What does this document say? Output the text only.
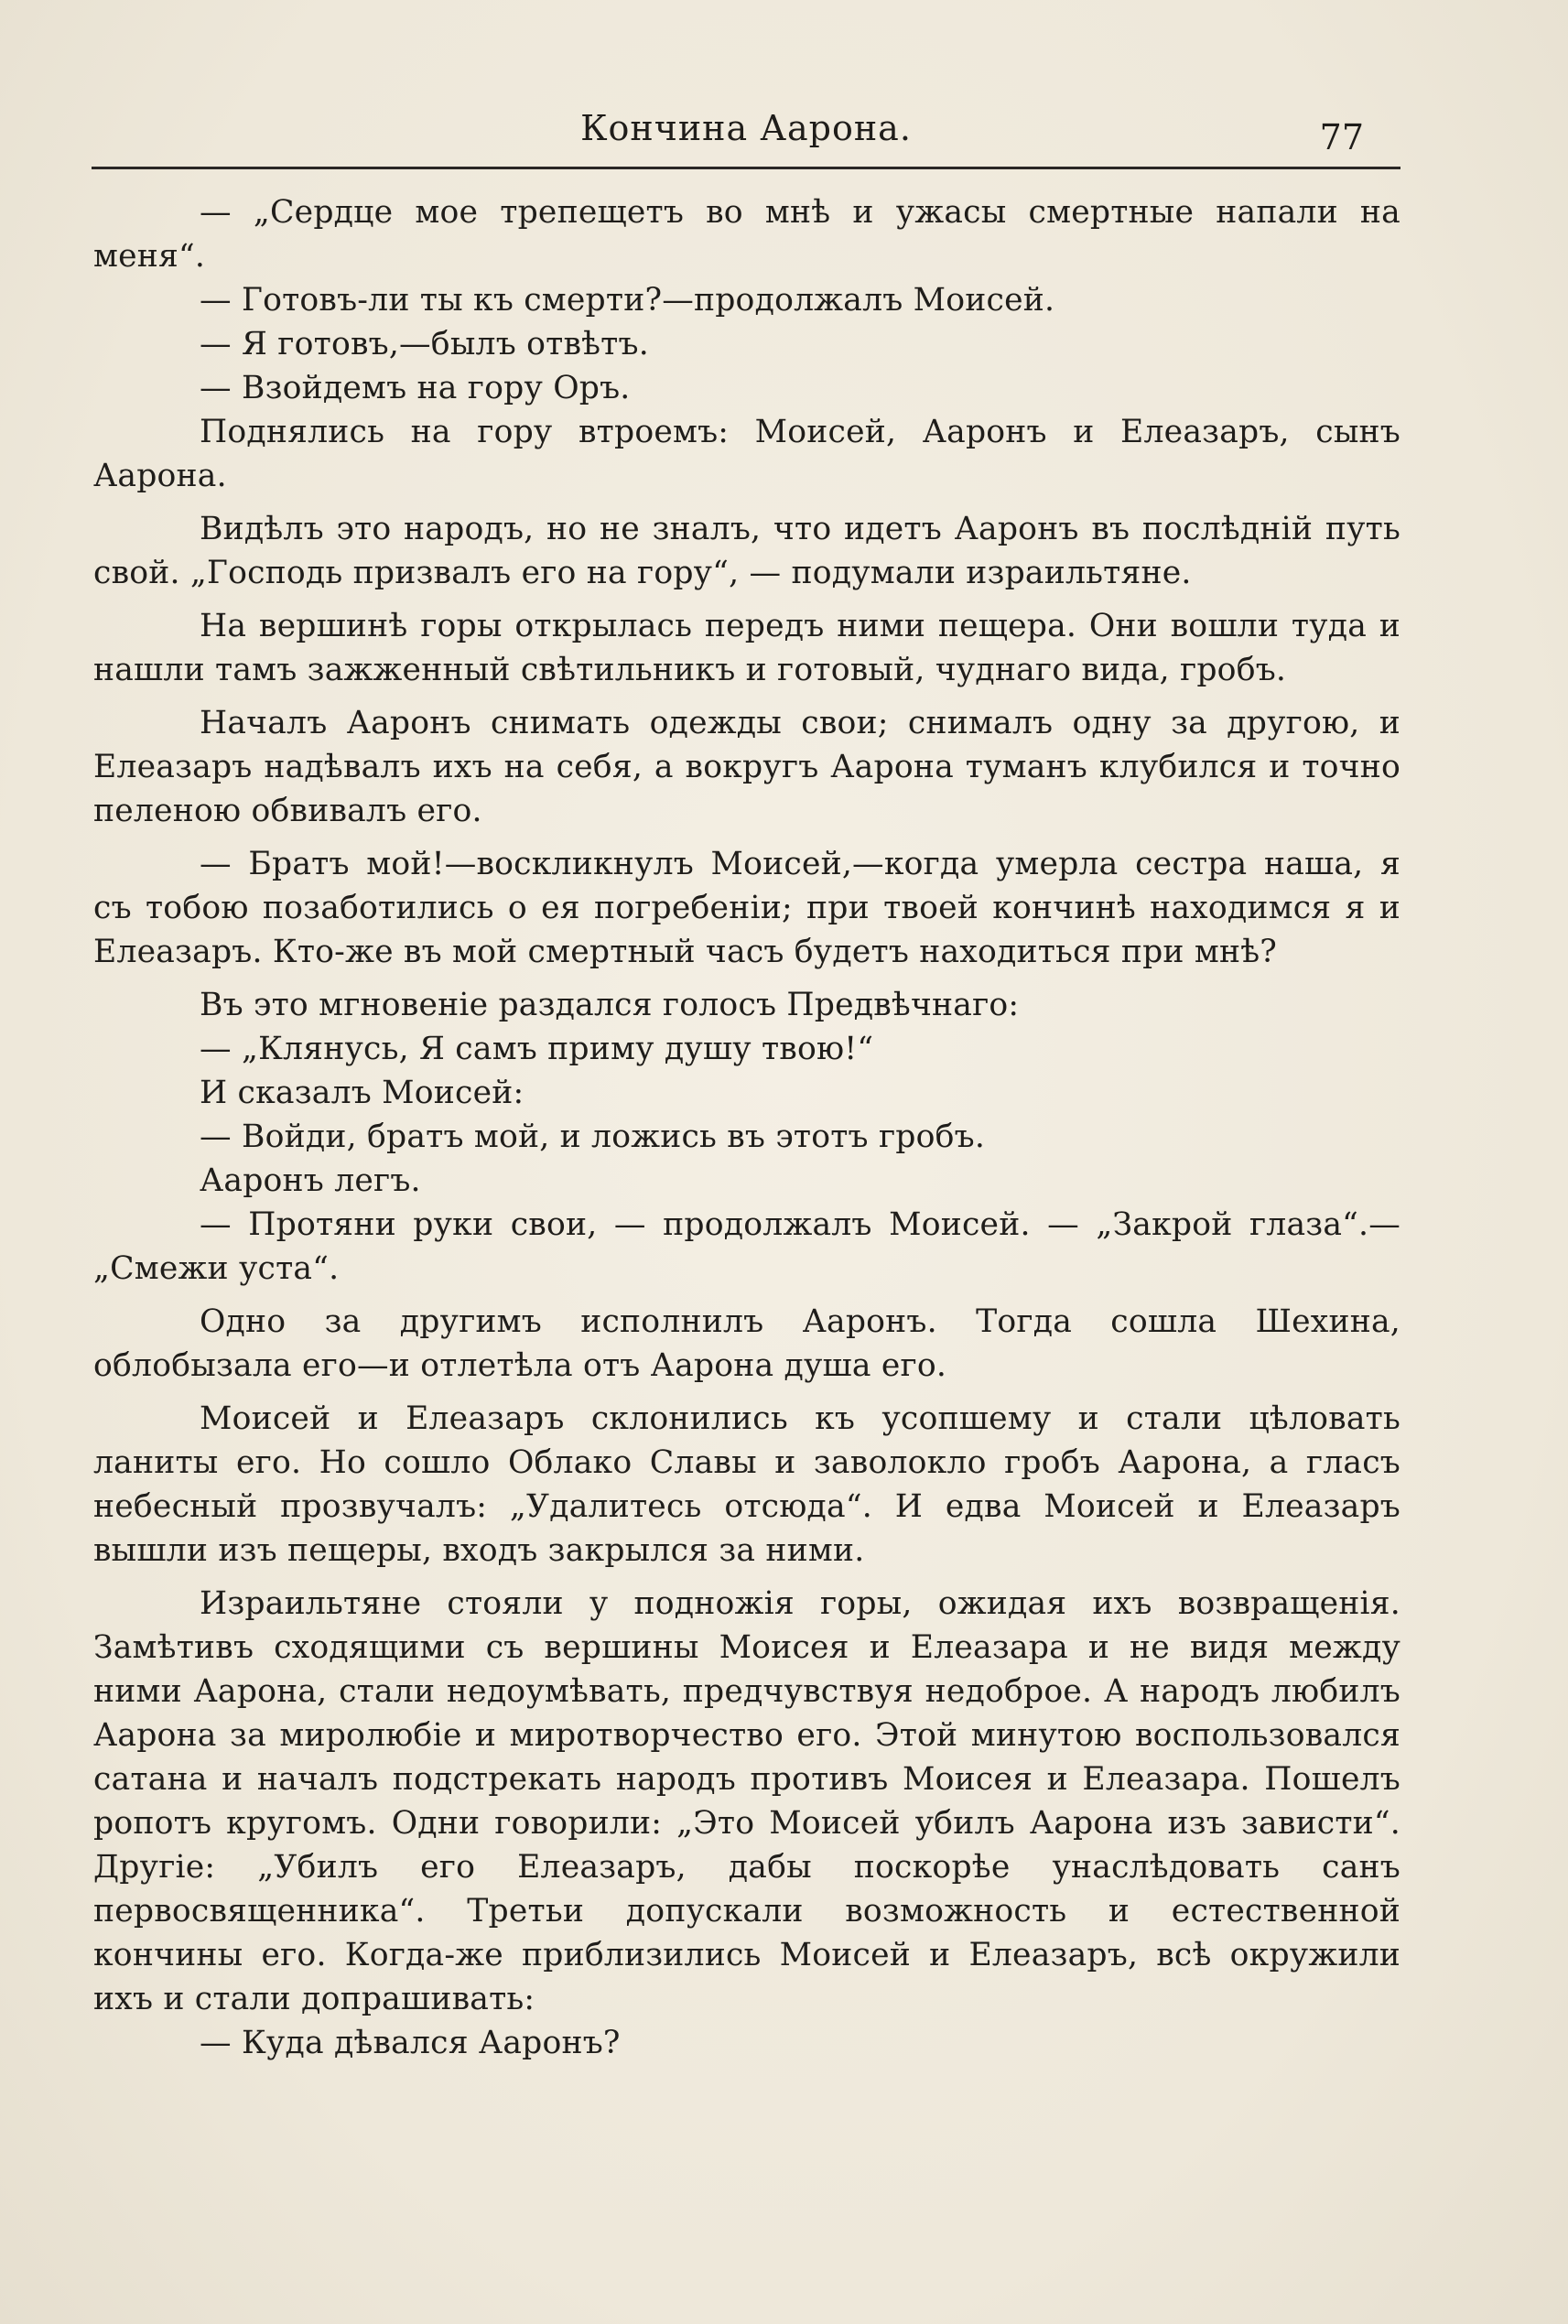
Кончина Аарона.	77

— „Сердце мое трепещетъ во мнѣ и ужасы смертные напали на меня“.

— Готовъ-ли ты къ смерти?—продолжалъ Моисей.

— Я готовъ,—былъ отвѣтъ.

— Взойдемъ на гору Оръ.

Поднялись на гору втроемъ: Моисей, Ааронъ и Елеазаръ, сынъ Аарона.

Видѣлъ это народъ, но не зналъ, что идетъ Ааронъ въ послѣднiй путь свой. „Господь призвалъ его на гору“, — подумали израильтяне.

На вершинѣ горы открылась передъ ними пещера. Они вошли туда и нашли тамъ зажженный свѣтильникъ и готовый, чуднаго вида, гробъ.

Началъ Ааронъ снимать одежды свои; снималъ одну за другою, и Елеазаръ надѣвалъ ихъ на себя, а вокругъ Аарона туманъ клубился и точно пеленою обвивалъ его.

— Братъ мой!—воскликнулъ Моисей,—когда умерла сестра наша, я съ тобою позаботились о ея погребенiи; при твоей кончинѣ находимся я и Елеазаръ. Кто-же въ мой смертный часъ будетъ находиться при мнѣ?

Въ это мгновенiе раздался голосъ Предвѣчнаго:

— „Клянусь, Я самъ приму душу твою!“

И сказалъ Моисей:

— Войди, братъ мой, и ложись въ этотъ гробъ.

Ааронъ легъ.

— Протяни руки свои, — продолжалъ Моисей. — „Закрой глаза“.—„Смежи уста“.

Одно за другимъ исполнилъ Ааронъ. Тогда сошла Шехина, облобызала его—и отлетѣла отъ Аарона душа его.

Моисей и Елеазаръ склонились къ усопшему и стали цѣловать ланиты его. Но сошло Облако Славы и заволокло гробъ Аарона, а гласъ небесный прозвучалъ: „Удалитесь отсюда“. И едва Моисей и Елеазаръ вышли изъ пещеры, входъ закрылся за ними.

Израильтяне стояли у подножiя горы, ожидая ихъ возвращенiя. Замѣтивъ сходящими съ вершины Моисея и Елеазара и не видя между ними Аарона, стали недоумѣвать, предчувствуя недоброе. А народъ любилъ Аарона за миролюбiе и миротворчество его. Этой минутою воспользовался сатана и началъ подстрекать народъ противъ Моисея и Елеазара. Пошелъ ропотъ кругомъ. Одни говорили: „Это Моисей убилъ Аарона изъ зависти“. Другiе: „Убилъ его Елеазаръ, дабы поскорѣе унаслѣдовать санъ первосвященника“. Третьи допускали возможность и естественной кончины его. Когда-же приблизились Моисей и Елеазаръ, всѣ окружили ихъ и стали допрашивать:

— Куда дѣвался Ааронъ?
